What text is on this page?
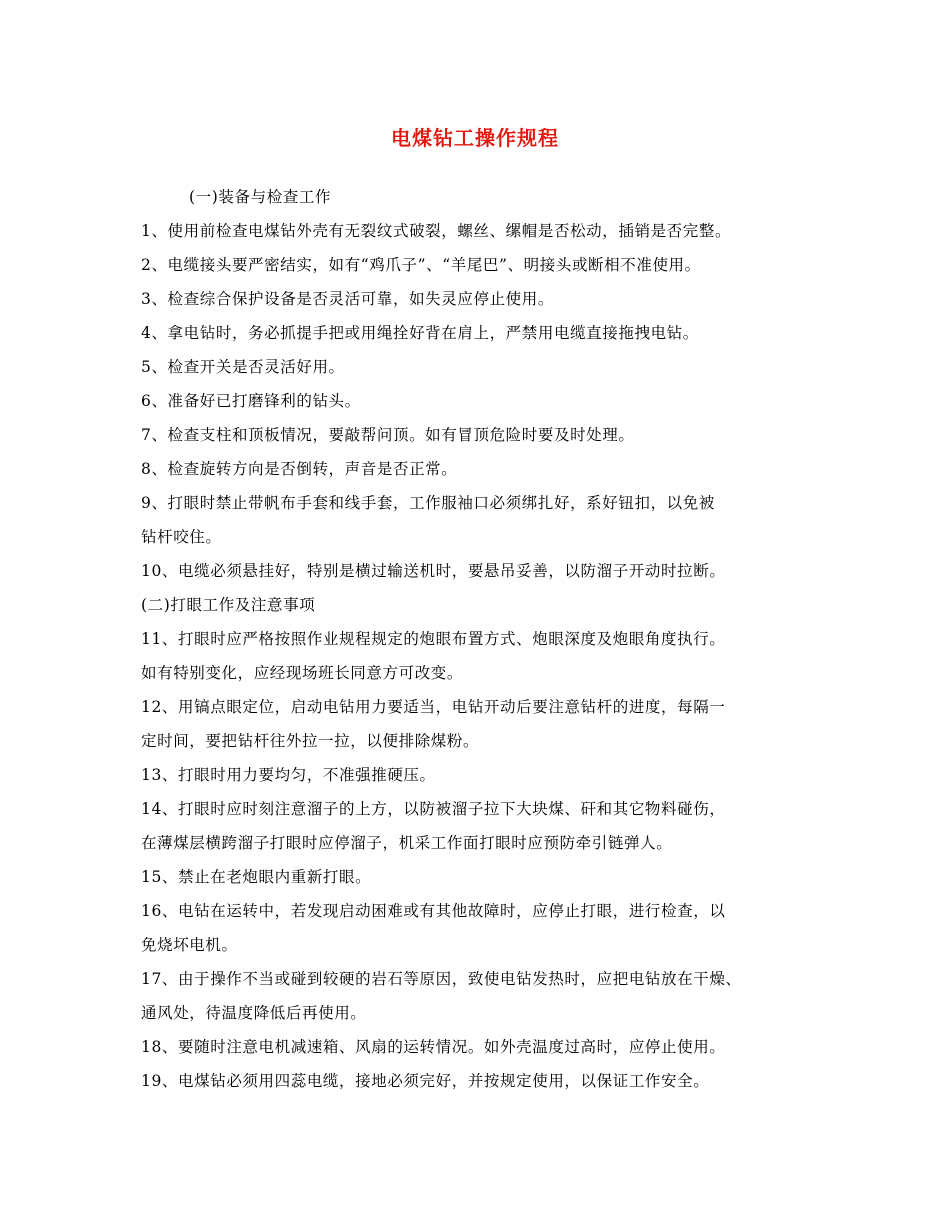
电煤钻工操作规程
(一)装备与检查工作
1、使用前检查电煤钻外壳有无裂纹式破裂，螺丝、缧帽是否松动，插销是否完整。
2、电缆接头要严密结实，如有“鸡爪子”、“羊尾巴”、明接头或断相不准使用。
3、检查综合保护设备是否灵活可靠，如失灵应停止使用。
4、拿电钻时，务必抓提手把或用绳拴好背在肩上，严禁用电缆直接拖拽电钻。
5、检查开关是否灵活好用。
6、准备好已打磨锋利的钻头。
7、检查支柱和顶板情况，要敲帮问顶。如有冒顶危险时要及时处理。
8、检查旋转方向是否倒转，声音是否正常。
9、打眼时禁止带帆布手套和线手套，工作服袖口必须绑扎好，系好钮扣，以免被
钻杆咬住。
10、电缆必须悬挂好，特别是横过输送机时，要悬吊妥善，以防溜子开动时拉断。
(二)打眼工作及注意事项
11、打眼时应严格按照作业规程规定的炮眼布置方式、炮眼深度及炮眼角度执行。
如有特别变化，应经现场班长同意方可改变。
12、用镐点眼定位，启动电钻用力要适当，电钻开动后要注意钻杆的进度，每隔一
定时间，要把钻杆往外拉一拉，以便排除煤粉。
13、打眼时用力要均匀，不准强推硬压。
14、打眼时应时刻注意溜子的上方，以防被溜子拉下大块煤、矸和其它物料碰伤，
在薄煤层横跨溜子打眼时应停溜子，机采工作面打眼时应预防牵引链弹人。
15、禁止在老炮眼内重新打眼。
16、电钻在运转中，若发现启动困难或有其他故障时，应停止打眼，进行检查，以
免烧坏电机。
17、由于操作不当或碰到较硬的岩石等原因，致使电钻发热时，应把电钻放在干燥、
通风处，待温度降低后再使用。
18、要随时注意电机减速箱、风扇的运转情况。如外壳温度过高时，应停止使用。
19、电煤钻必须用四蕊电缆，接地必须完好，并按规定使用，以保证工作安全。
